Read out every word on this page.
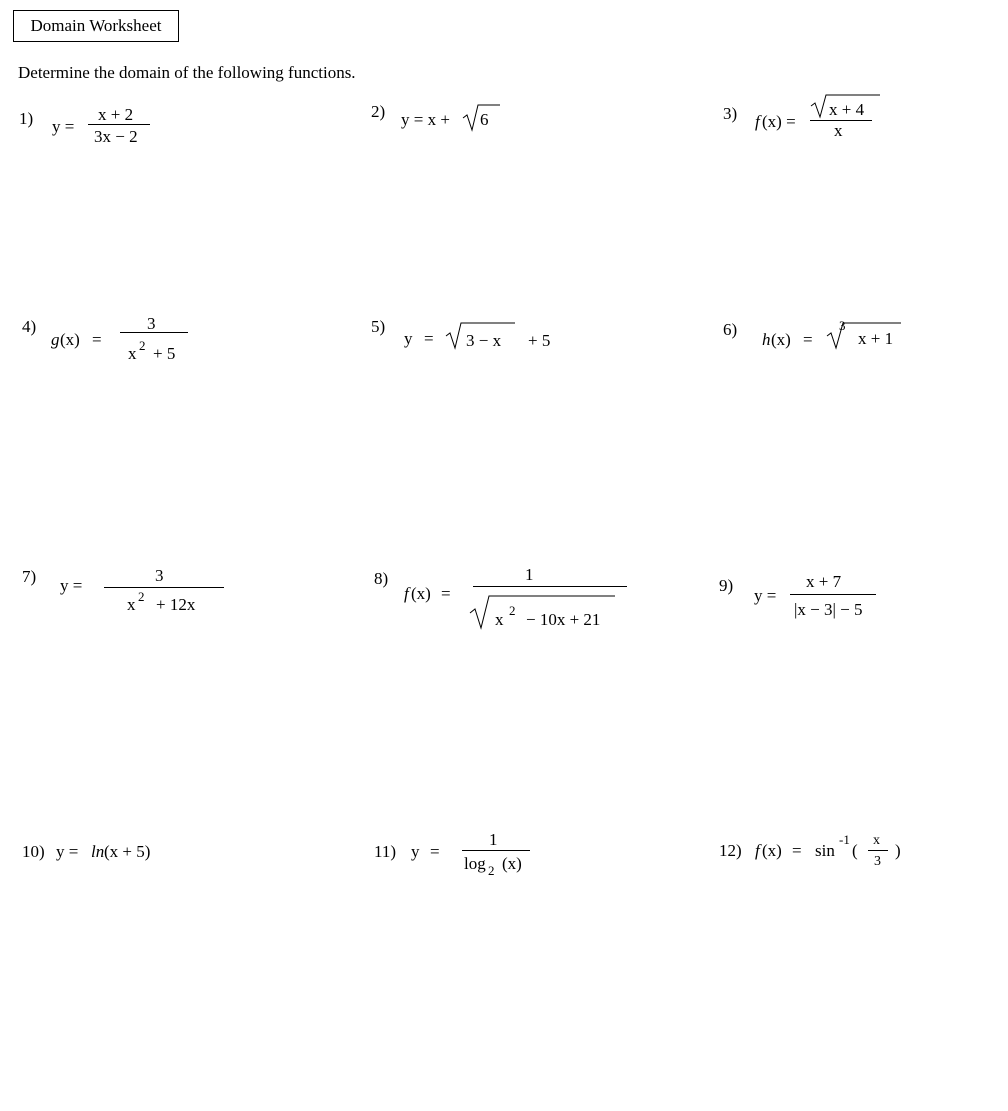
Domain Worksheet
Determine the domain of the following functions.
1) y =
x + 2
3x − 2
2) y = x + 6	3) f (x) =
x + 4
x
4)
g (x) =
3
x 2 + 5
5)
y = 3 − x + 5
6)
h (x) =
3
x + 1
7) y =
3
x 2 + 12x
8)
f (x) =
1
x 2 − 10x + 21
9)
y =
x + 7
|x − 3| − 5
10) y = ln (x + 5)	11) y =
1
log 2 (x)
12) f (x) = sin
-1
(
x
3
)
